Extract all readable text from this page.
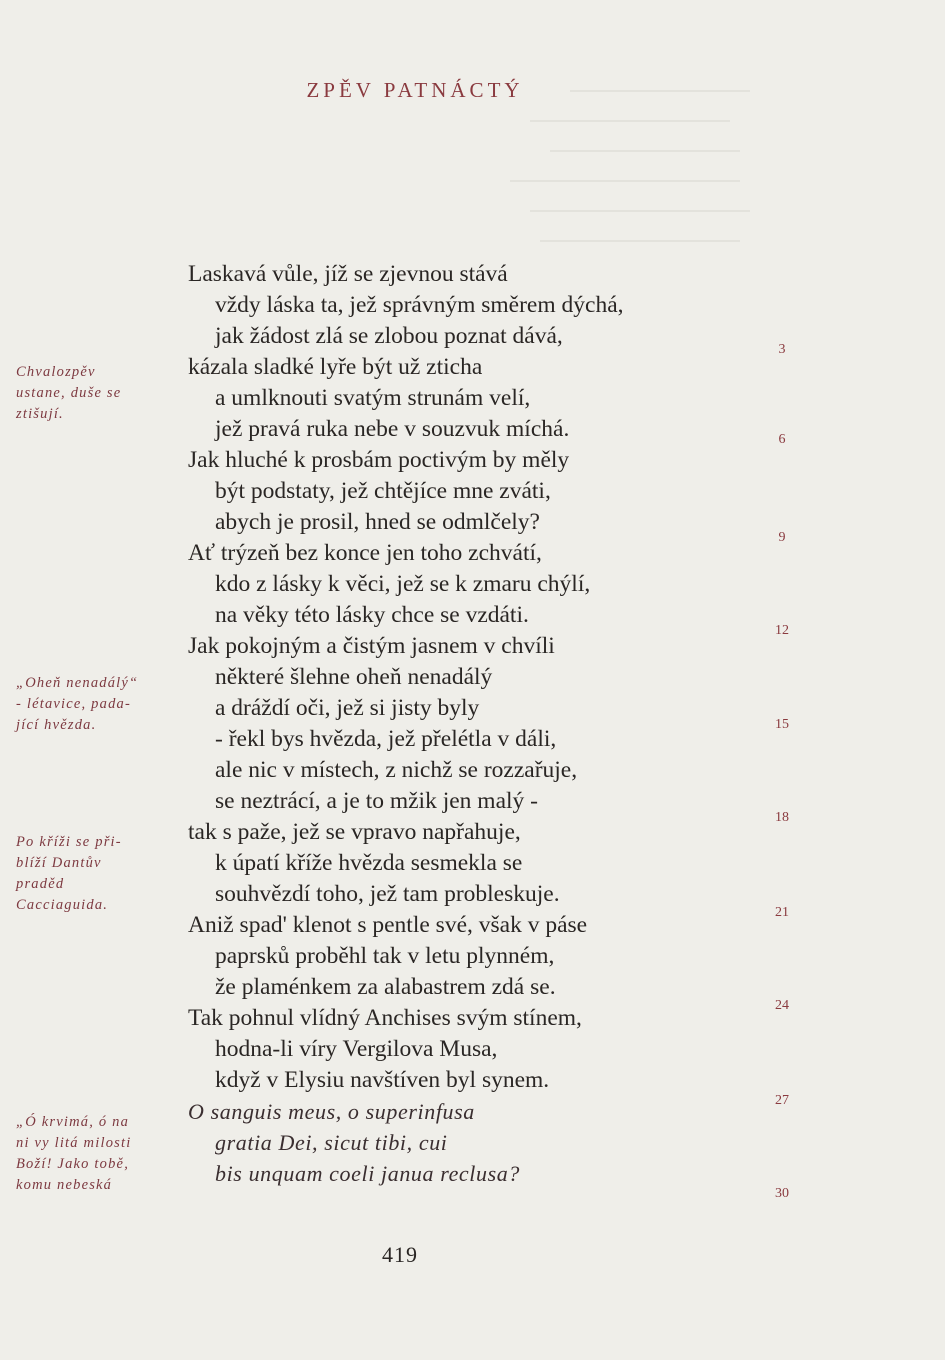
ZPĚV PATNÁCTÝ
Laskavá vůle, jíž se zjevnou stává
vždy láska ta, jež správným směrem dýchá,
jak žádost zlá se zlobou poznat dává,
kázala sladké lyře být už zticha
a umlknouti svatým strunám velí,
jež pravá ruka nebe v souzvuk míchá.
Jak hluché k prosbám poctivým by měly
být podstaty, jež chtějíce mne zváti,
abych je prosil, hned se odmlčely?
Ať trýzeň bez konce jen toho zchvátí,
kdo z lásky k věci, jež se k zmaru chýlí,
na věky této lásky chce se vzdáti.
Jak pokojným a čistým jasnem v chvíli
některé šlehne oheň nenadálý
a dráždí oči, jež si jisty byly
- řekl bys hvězda, jež přelétla v dáli,
ale nic v místech, z nichž se rozzařuje,
se neztrácí, a je to mžik jen malý -
tak s paže, jež se vpravo napřahuje,
k úpatí kříže hvězda sesmekla se
souhvězdí toho, jež tam probleskuje.
Aniž spad' klenot s pentle své, však v páse
paprsků proběhl tak v letu plynném,
že plaménkem za alabastrem zdá se.
Tak pohnul vlídný Anchises svým stínem,
hodna-li víry Vergilova Musa,
když v Elysiu navštíven byl synem.
O sanguis meus, o superinfusa
gratia Dei, sicut tibi, cui
bis unquam coeli janua reclusa?
Chvalozpěv
ustane, duše se
ztišují.
„Oheň nenadálý“
- létavice, pada-
jící hvězda.
Po kříži se při-
blíží Dantův
praděd
Cacciaguida.
„Ó krvimá, ó na
ni vy litá milosti
Boží! Jako tobě,
komu nebeská
3
6
9
12
15
18
21
24
27
30
419
